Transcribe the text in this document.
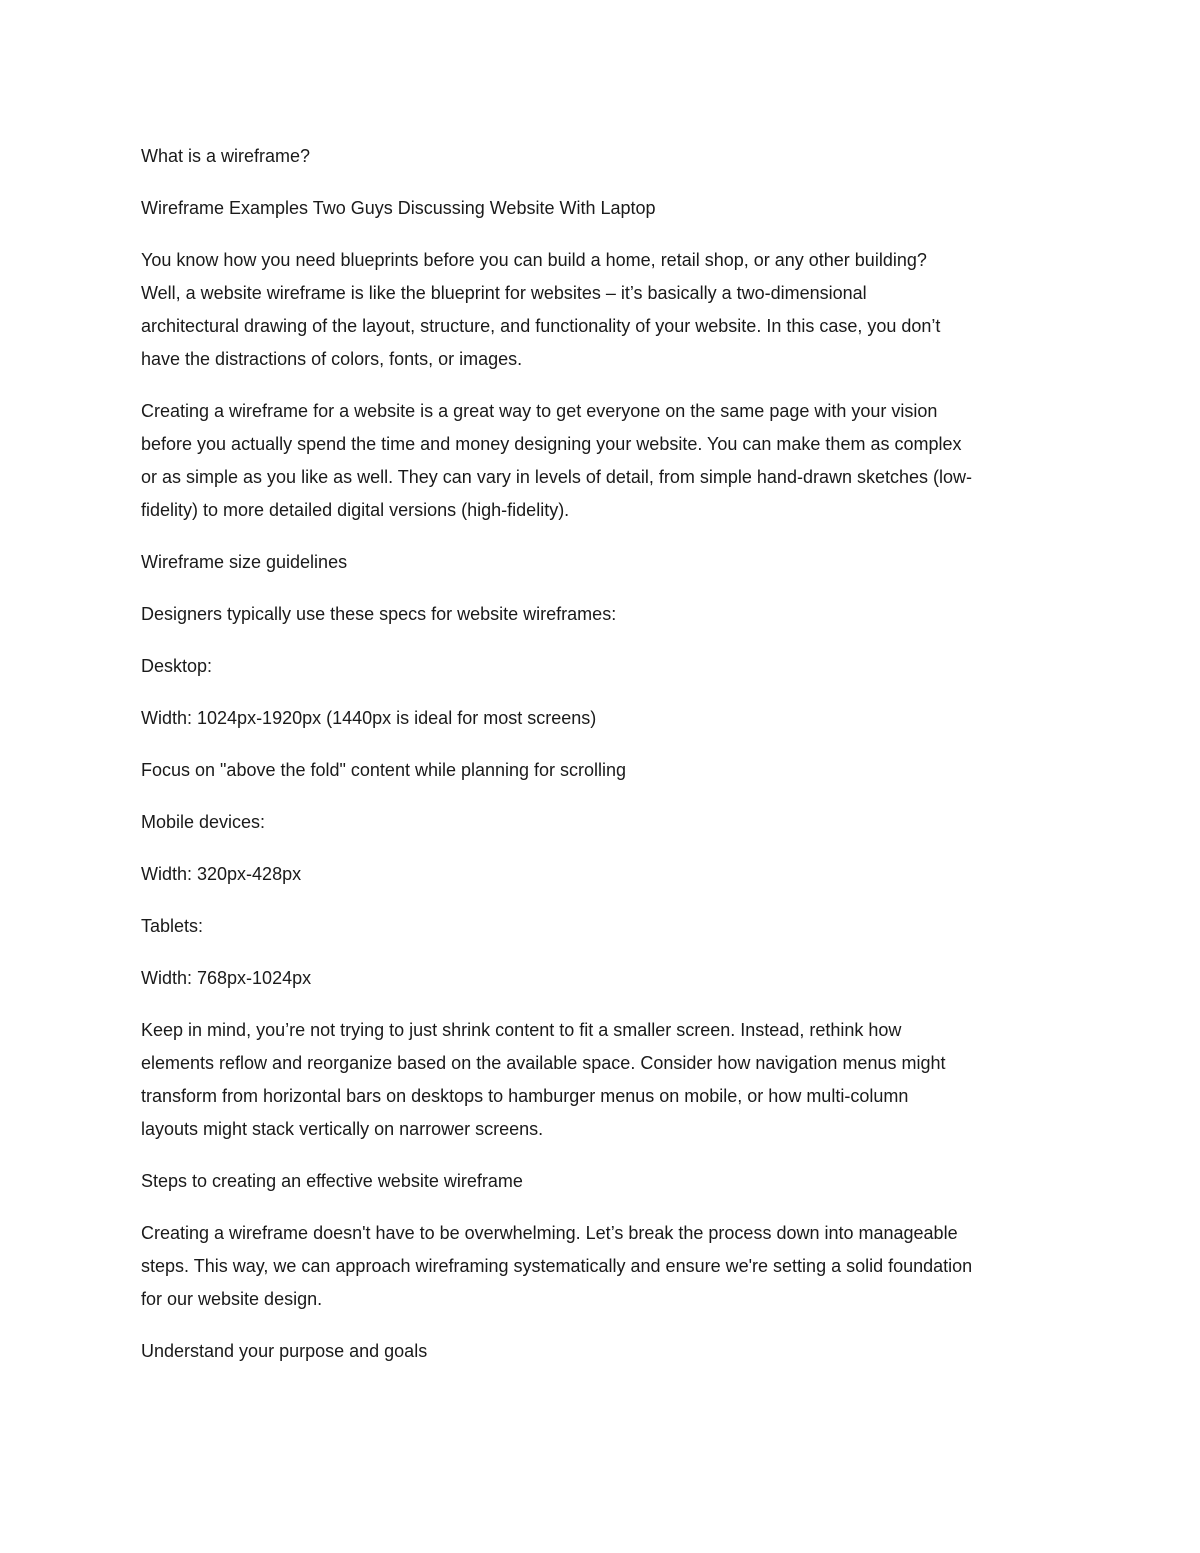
What is a wireframe?

Wireframe Examples Two Guys Discussing Website With Laptop

You know how you need blueprints before you can build a home, retail shop, or any other building?
Well, a website wireframe is like the blueprint for websites – it’s basically a two-dimensional
architectural drawing of the layout, structure, and functionality of your website. In this case, you don’t
have the distractions of colors, fonts, or images.

Creating a wireframe for a website is a great way to get everyone on the same page with your vision
before you actually spend the time and money designing your website. You can make them as complex
or as simple as you like as well. They can vary in levels of detail, from simple hand-drawn sketches (low-
fidelity) to more detailed digital versions (high-fidelity).

Wireframe size guidelines

Designers typically use these specs for website wireframes:

Desktop:

Width: 1024px-1920px (1440px is ideal for most screens)

Focus on "above the fold" content while planning for scrolling

Mobile devices:

Width: 320px-428px

Tablets:

Width: 768px-1024px

Keep in mind, you’re not trying to just shrink content to fit a smaller screen. Instead, rethink how
elements reflow and reorganize based on the available space. Consider how navigation menus might
transform from horizontal bars on desktops to hamburger menus on mobile, or how multi-column
layouts might stack vertically on narrower screens.

Steps to creating an effective website wireframe

Creating a wireframe doesn't have to be overwhelming. Let’s break the process down into manageable
steps. This way, we can approach wireframing systematically and ensure we're setting a solid foundation
for our website design.

Understand your purpose and goals
